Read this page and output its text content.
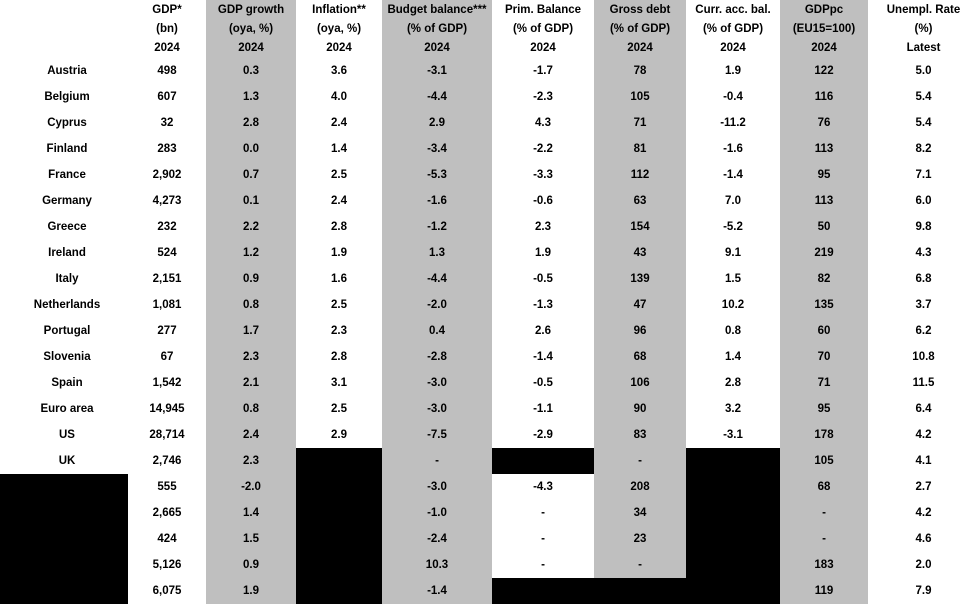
	GDP*	GDP growth	Inflation**	Budget balance***	Prim. Balance	Gross debt	Curr. acc. bal.	GDPpc	Unempl. Rate
	(bn)	(oya, %)	(oya, %)	(% of GDP)	(% of GDP)	(% of GDP)	(% of GDP)	(EU15=100)	(%)
	2024	2024	2024	2024	2024	2024	2024	2024	Latest
Austria	498	0.3	3.6	-3.1	-1.7	78	1.9	122	5.0
Belgium	607	1.3	4.0	-4.4	-2.3	105	-0.4	116	5.4
Cyprus	32	2.8	2.4	2.9	4.3	71	-11.2	76	5.4
Finland	283	0.0	1.4	-3.4	-2.2	81	-1.6	113	8.2
France	2,902	0.7	2.5	-5.3	-3.3	112	-1.4	95	7.1
Germany	4,273	0.1	2.4	-1.6	-0.6	63	7.0	113	6.0
Greece	232	2.2	2.8	-1.2	2.3	154	-5.2	50	9.8
Ireland	524	1.2	1.9	1.3	1.9	43	9.1	219	4.3
Italy	2,151	0.9	1.6	-4.4	-0.5	139	1.5	82	6.8
Netherlands	1,081	0.8	2.5	-2.0	-1.3	47	10.2	135	3.7
Portugal	277	1.7	2.3	0.4	2.6	96	0.8	60	6.2
Slovenia	67	2.3	2.8	-2.8	-1.4	68	1.4	70	10.8
Spain	1,542	2.1	3.1	-3.0	-0.5	106	2.8	71	11.5
Euro area	14,945	0.8	2.5	-3.0	-1.1	90	3.2	95	6.4
US	28,714	2.4	2.9	-7.5	-2.9	83	-3.1	178	4.2
UK	2,746	2.3		-		-		105	4.1
	555	-2.0		-3.0	-4.3	208		68	2.7
	2,665	1.4		-1.0	-	34		-	4.2
	424	1.5		-2.4	-	23		-	4.6
	5,126	0.9		10.3	-	-		183	2.0
	6,075	1.9		-1.4				119	7.9
